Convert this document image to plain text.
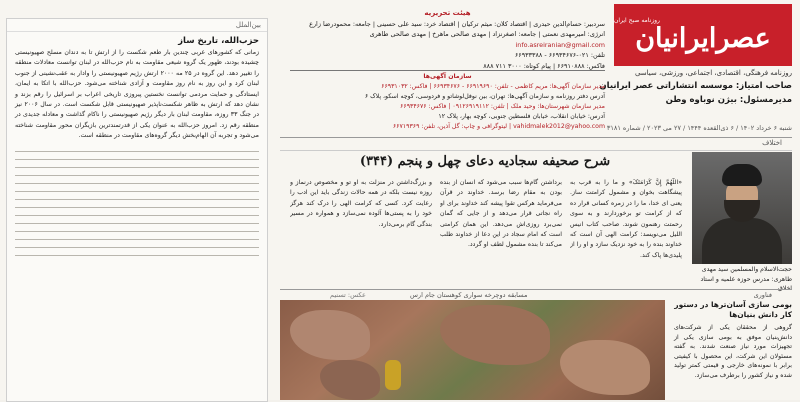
روزنامه صبح ایران
عصرایرانیان
روزنامه فرهنگی، اقتصادی، اجتماعی، ورزشی، سیاسی
صاحب امتیاز: موسسه انتشاراتی عصر ایرانیان
مدیرمسئول: بیژن نوباوه وطن
شنبه ۶ خرداد ۱۴۰۲ / ۶ ذی‌القعده ۱۴۴۴ / ۲۷ می ۲۰۲۳ / شماره ۳۱۸۱
هیئت تحریریه
سردبیر: حسام‌الدین حیدری | اقتصاد کلان: میثم ترکیان | اقتصاد خرد: سید علی حسینی | جامعه: محمودرضا زارع
انرژی: امیرمهدی نعمتی | جامعه: اصغرنزاد | مهدی صالحی ماهرخ | مهدی صالحی طاهری
info.asreiranian@gmail.com
تلفن: ۰۲۱-۶۶۹۳۴۶۷۶ - ۶۶۹۳۳۳۸۸
فاکس: ۶۶۹۱۰۸۸۸ | پیام کوتاه: ۳۰۰۰ ۷۱۱ ۸۸۸
سازمان آگهی‌ها
مدیر سازمان آگهی‌ها: مریم کاظمی - تلفن: ۶۶۹۱۹۶۹۰ - ۶۶۹۳۴۶۷۶ | فاکس: ۶۶۹۳۱۰۳۲
آدرس دفتر روزنامه و سازمان آگهی‌ها: تهران، بین نوفل‌لوشاتو و فردوسی، کوچه اسکو، پلاک ۶
مدیر سازمان شهرستان‌ها: وحید ملک | تلفن: ۰۹۱۲۶۹۱۹۱۱۲ | فاکس: ۶۶۹۳۴۶۷۶
آدرس: خیابان انقلاب، خیابان فلسطین جنوبی، کوچه بهار، پلاک ۱۲
vahidmalek2012@yahoo.com | لیتوگرافی و چاپ: گل آذین، تلفن: ۶۶۷۱۹۳۶۹
بین‌الملل
حزب‌الله، تاریخ ساز
زمانی که کشورهای عربی چندین بار طعم شکست را از ارتش تا به دندان مسلح صهیونیستی چشیده بودند، ظهور یک گروه شیعی مقاومت به نام حزب‌الله در لبنان توانست معادلات منطقه را تغییر دهد. این گروه در ۲۵ مه ۲۰۰۰ ارتش رژیم صهیونیستی را وادار به عقب‌نشینی از جنوب لبنان کرد و این روز به نام روز مقاومت و آزادی شناخته می‌شود. حزب‌الله با اتکا به ایمان، ایستادگی و حمایت مردمی توانست نخستین پیروزی تاریخی اعراب بر اسرائیل را رقم بزند و نشان دهد که ارتش به ظاهر شکست‌ناپذیر صهیونیستی قابل شکست است. در سال ۲۰۰۶ نیز در جنگ ۳۳ روزه، مقاومت لبنان بار دیگر رژیم صهیونیستی را ناکام گذاشت و معادله جدیدی در منطقه رقم زد. امروز حزب‌الله به عنوان یکی از قدرتمندترین بازیگران محور مقاومت شناخته می‌شود و تجربه آن الهام‌بخش دیگر گروه‌های مقاومت در منطقه است.
اختلاف
شرح صحیفه سجادیه دعای چهل و پنجم (۳۴۴)
حجت‌الاسلام والمسلمین سید مهدی طاهری: مدرس حوزه علمیه و استاد اخلاق
«اللَّهُمَّ إِنَّ کَرَامَتَکَ» و ما را به قرب به پیشگاهت بخوان و مشمول کرامتت ساز. یعنی ای خدا، ما را در زمره کسانی قرار ده که از کرامت تو برخوردارند و به سوی رحمتت رهنمون شوند. صاحب کتاب انیس اللیل می‌نویسد: کرامت الهی آن است که خداوند بنده را به خود نزدیک سازد و او را از پلیدی‌ها پاک کند.
برداشتن گام‌ها سبب می‌شود که انسان از بنده بودن به مقام رضا برسد. خداوند در قرآن می‌فرماید هرکس تقوا پیشه کند خداوند برای او راه نجاتی قرار می‌دهد و از جایی که گمان نمی‌برد روزی‌اش می‌دهد. این همان کرامتی است که امام سجاد در این دعا از خداوند طلب می‌کند تا بنده مشمول لطف او گردد.
و بزرگ‌داشتن در منزلت به او تو و مخصوص درنماز و روزه نیست بلکه در همه حالات زندگی باید این ادب را رعایت کرد. کسی که کرامت الهی را درک کند هرگز خود را به پستی‌ها آلوده نمی‌سازد و همواره در مسیر بندگی گام برمی‌دارد.
فناوری
مسابقه دوچرخه سواری کوهستان جام ارس
عکس: تسنیم
بومی سازی آسان‌تر‌ها در دستور کار دانش بنیان‌ها
گروهی از محققان یکی از شرکت‌های دانش‌بنیان موفق به بومی سازی یکی از تجهیزات مورد نیاز صنعت شدند. به گفته مسئولان این شرکت، این محصول با کیفیتی برابر با نمونه‌های خارجی و قیمتی کمتر تولید شده و نیاز کشور را برطرف می‌سازد.
